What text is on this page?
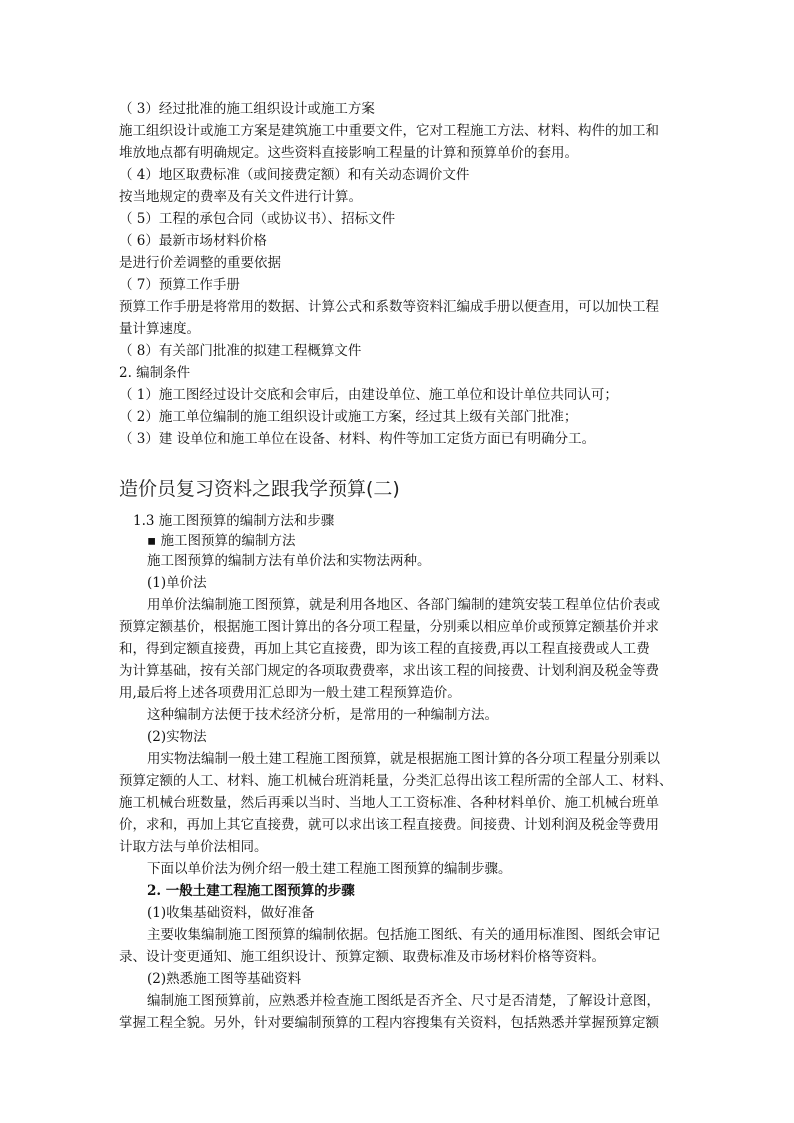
（ 3）经过批准的施工组织设计或施工方案
施工组织设计或施工方案是建筑施工中重要文件，它对工程施工方法、材料、构件的加工和
堆放地点都有明确规定。这些资料直接影响工程量的计算和预算单价的套用。
（ 4）地区取费标准（或间接费定额）和有关动态调价文件
按当地规定的费率及有关文件进行计算。
（ 5）工程的承包合同（或协议书）、招标文件
（ 6）最新市场材料价格
是进行价差调整的重要依据
（ 7）预算工作手册
预算工作手册是将常用的数据、计算公式和系数等资料汇编成手册以便查用，可以加快工程
量计算速度。
（ 8）有关部门批准的拟建工程概算文件
2. 编制条件
（ 1）施工图经过设计交底和会审后，由建设单位、施工单位和设计单位共同认可；
（ 2）施工单位编制的施工组织设计或施工方案，经过其上级有关部门批准；
（ 3）建 设单位和施工单位在设备、材料、构件等加工定货方面已有明确分工。
造价员复习资料之跟我学预算(二)
1.3 施工图预算的编制方法和步骤
▪ 施工图预算的编制方法
施工图预算的编制方法有单价法和实物法两种。
(1)单价法
用单价法编制施工图预算，就是利用各地区、各部门编制的建筑安装工程单位估价表或
预算定额基价，根据施工图计算出的各分项工程量，分别乘以相应单价或预算定额基价并求
和，得到定额直接费，再加上其它直接费，即为该工程的直接费,再以工程直接费或人工费
为计算基础，按有关部门规定的各项取费费率，求出该工程的间接费、计划利润及税金等费
用,最后将上述各项费用汇总即为一般土建工程预算造价。
这种编制方法便于技术经济分析，是常用的一种编制方法。
(2)实物法
用实物法编制一般土建工程施工图预算，就是根据施工图计算的各分项工程量分别乘以
预算定额的人工、材料、施工机械台班消耗量，分类汇总得出该工程所需的全部人工、材料、
施工机械台班数量，然后再乘以当时、当地人工工资标准、各种材料单价、施工机械台班单
价，求和，再加上其它直接费，就可以求出该工程直接费。间接费、计划利润及税金等费用
计取方法与单价法相同。
下面以单价法为例介绍一般土建工程施工图预算的编制步骤。
2. 一般土建工程施工图预算的步骤
(1)收集基础资料，做好准备
主要收集编制施工图预算的编制依据。包括施工图纸、有关的通用标准图、图纸会审记
录、设计变更通知、施工组织设计、预算定额、取费标准及市场材料价格等资料。
(2)熟悉施工图等基础资料
编制施工图预算前，应熟悉并检查施工图纸是否齐全、尺寸是否清楚，了解设计意图，
掌握工程全貌。另外，针对要编制预算的工程内容搜集有关资料，包括熟悉并掌握预算定额
